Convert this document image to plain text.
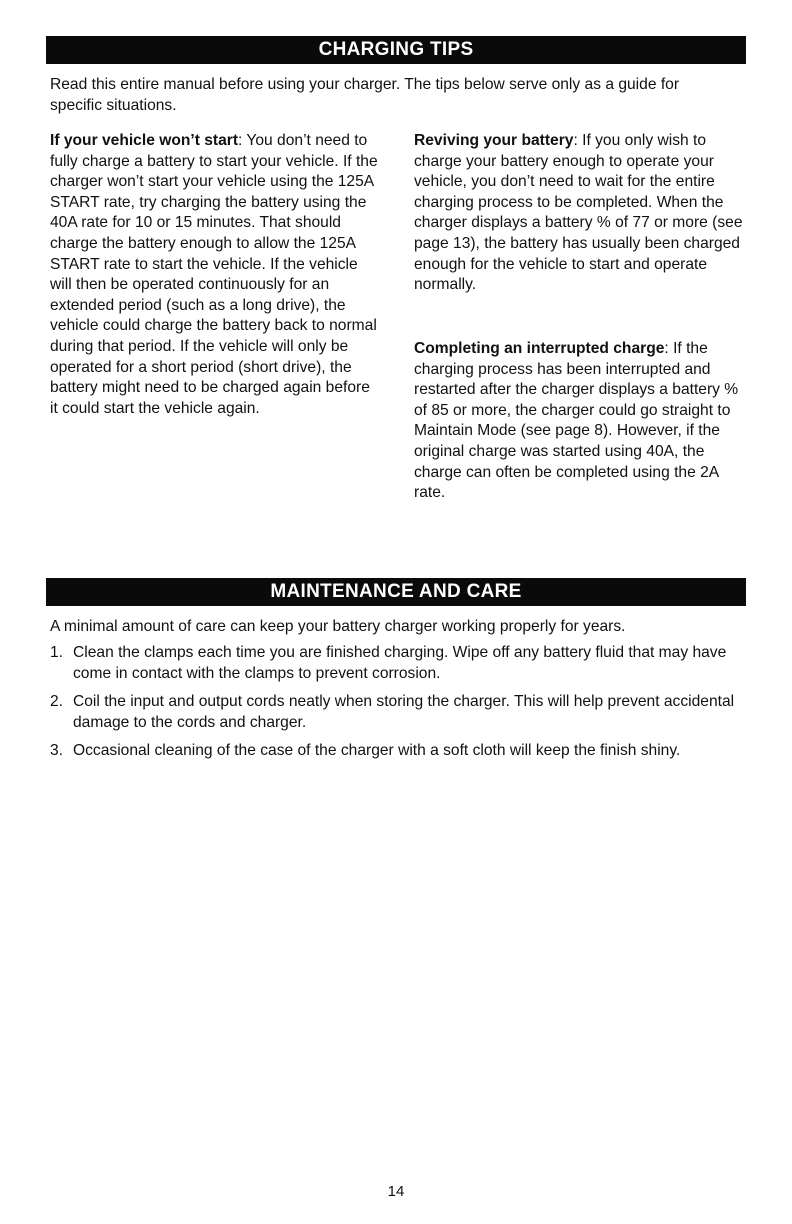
CHARGING TIPS
Read this entire manual before using your charger. The tips below serve only as a guide for specific situations.
If your vehicle won’t start: You don’t need to fully charge a battery to start your vehicle. If the charger won’t start your vehicle using the 125A START rate, try charging the battery using the 40A rate for 10 or 15 minutes. That should charge the battery enough to allow the 125A START rate to start the vehicle. If the vehicle will then be operated continuously for an extended period (such as a long drive), the vehicle could charge the battery back to normal during that period. If the vehicle will only be operated for a short period (short drive), the battery might need to be charged again before it could start the vehicle again.
Reviving your battery: If you only wish to charge your battery enough to operate your vehicle, you don’t need to wait for the entire charging process to be completed. When the charger displays a battery % of 77 or more (see page 13), the battery has usually been charged enough for the vehicle to start and operate normally.
Completing an interrupted charge: If the charging process has been interrupted and restarted after the charger displays a battery % of 85 or more, the charger could go straight to Maintain Mode (see page 8). However, if the original charge was started using 40A, the charge can often be completed using the 2A rate.
MAINTENANCE AND CARE
A minimal amount of care can keep your battery charger working properly for years.
1. Clean the clamps each time you are finished charging. Wipe off any battery fluid that may have come in contact with the clamps to prevent corrosion.
2. Coil the input and output cords neatly when storing the charger. This will help prevent accidental damage to the cords and charger.
3. Occasional cleaning of the case of the charger with a soft cloth will keep the finish shiny.
14
